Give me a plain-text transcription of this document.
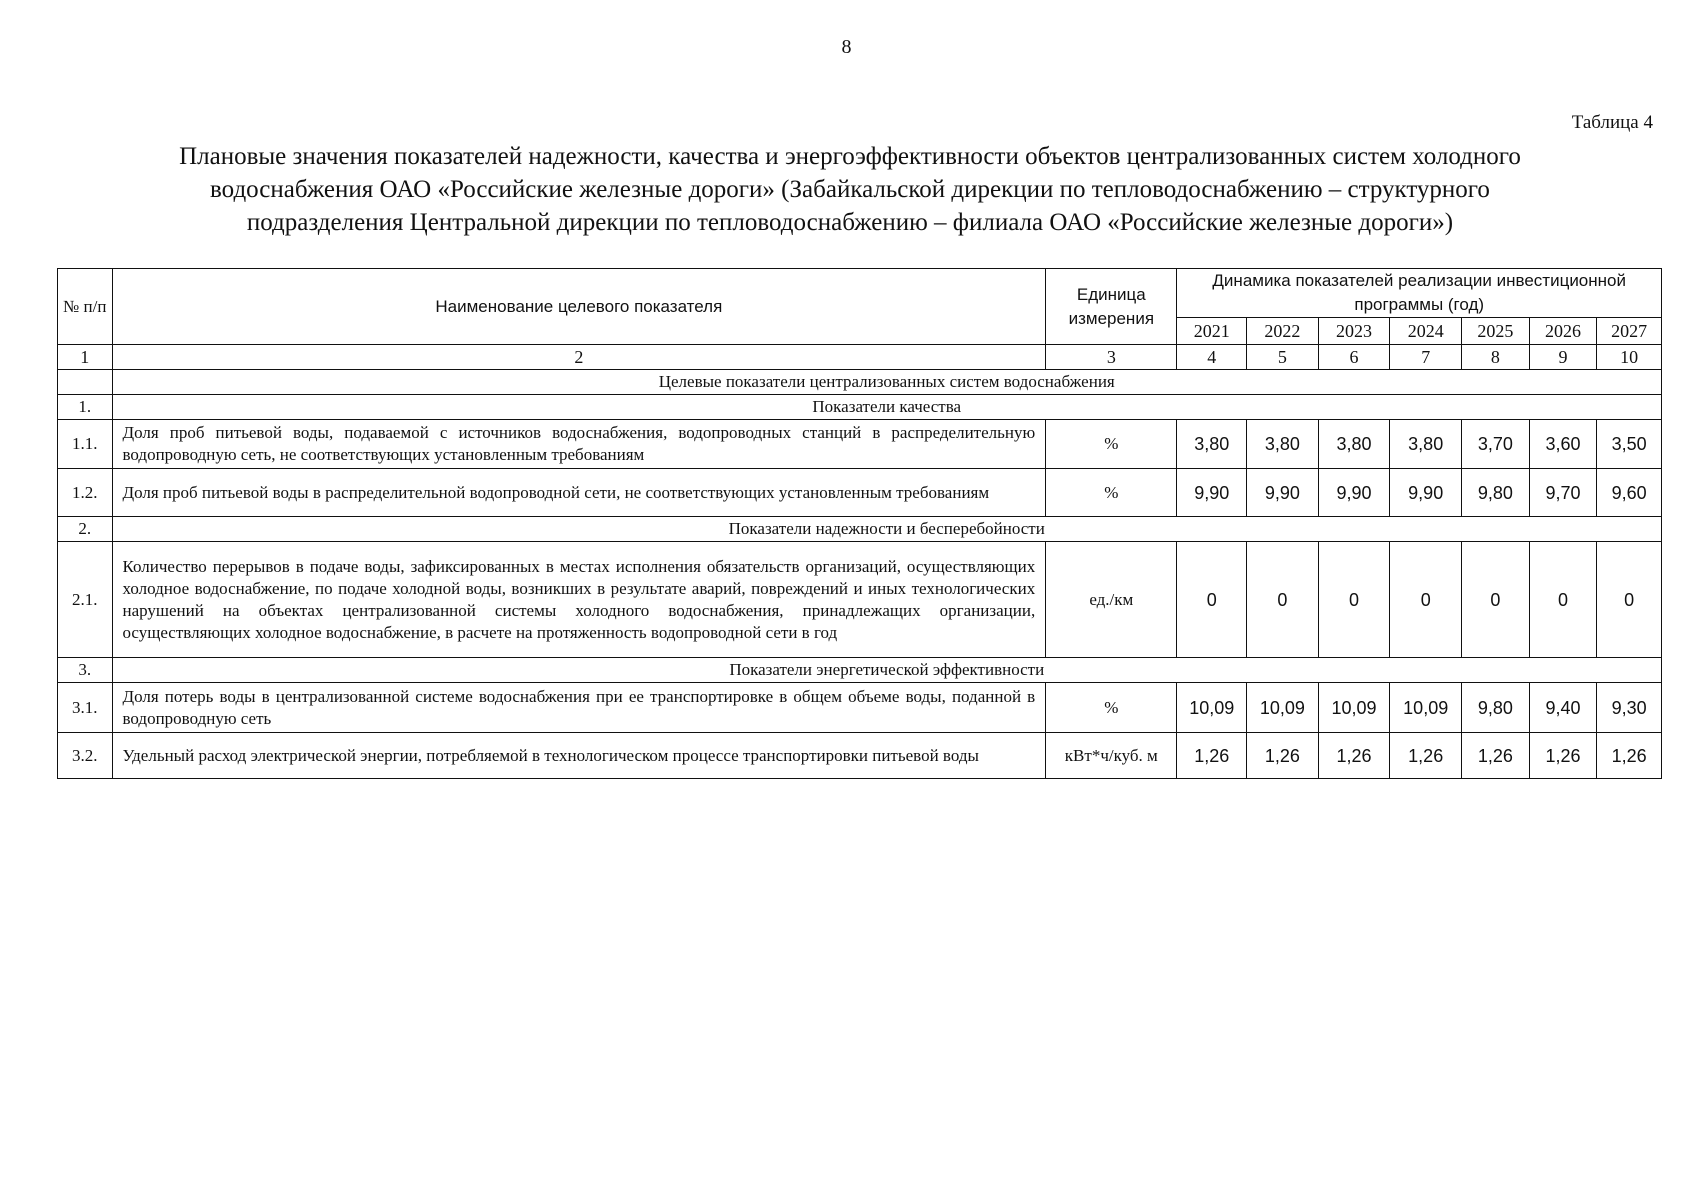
8
Таблица 4
Плановые значения показателей надежности, качества и энергоэффективности объектов централизованных систем холодного
водоснабжения ОАО «Российские железные дороги» (Забайкальской дирекции по тепловодоснабжению – структурного
подразделения Центральной дирекции по тепловодоснабжению – филиала ОАО «Российские железные дороги»)
№ п/п	Наименование целевого показателя	Единица измерения	Динамика показателей реализации инвестиционной программы (год)						
			2021	2022	2023	2024	2025	2026	2027
1	2	3	4	5	6	7	8	9	10
	Целевые показатели централизованных систем водоснабжения								
1.	Показатели качества								
1.1.	Доля проб питьевой воды, подаваемой с источников водоснабжения, водопроводных станций в распределительную водопроводную сеть, не соответствующих установленным требованиям	%	3,80	3,80	3,80	3,80	3,70	3,60	3,50
1.2.	Доля проб питьевой воды в распределительной водопроводной сети, не соответствующих установленным требованиям	%	9,90	9,90	9,90	9,90	9,80	9,70	9,60
2.	Показатели надежности и бесперебойности								
2.1.	Количество перерывов в подаче воды, зафиксированных в местах исполнения обязательств организаций, осуществляющих холодное водоснабжение, по подаче холодной воды, возникших в результате аварий, повреждений и иных технологических нарушений на объектах централизованной системы холодного водоснабжения, принадлежащих организации, осуществляющих холодное водоснабжение, в расчете на протяженность водопроводной сети в год	ед./км	0	0	0	0	0	0	0
3.	Показатели энергетической эффективности								
3.1.	Доля потерь воды в централизованной системе водоснабжения при ее транспортировке в общем объеме воды, поданной в водопроводную сеть	%	10,09	10,09	10,09	10,09	9,80	9,40	9,30
3.2.	Удельный расход электрической энергии, потребляемой в технологическом процессе транспортировки питьевой воды	кВт*ч/куб. м	1,26	1,26	1,26	1,26	1,26	1,26	1,26
